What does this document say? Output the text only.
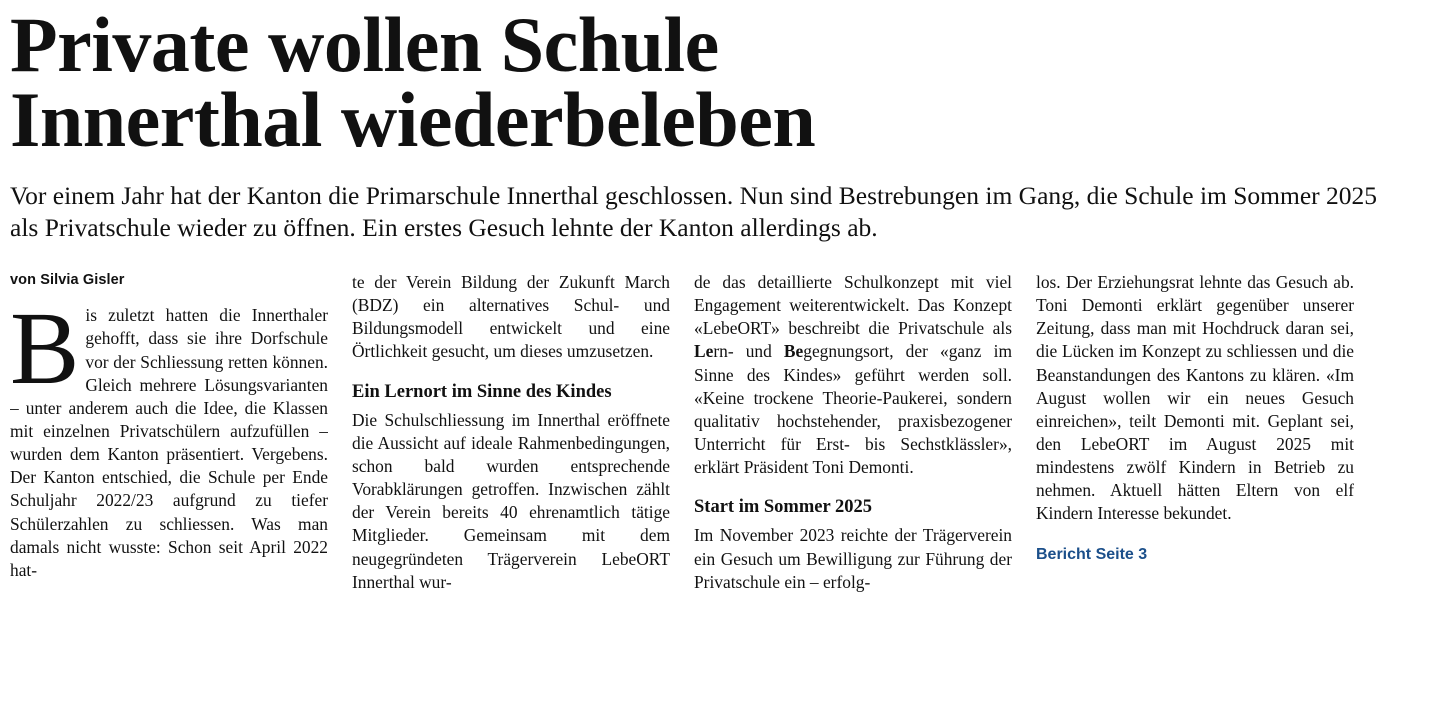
Private wollen Schule
Innerthal wiederbeleben
Vor einem Jahr hat der Kanton die Primarschule Innerthal geschlossen. Nun sind Bestrebungen im Gang, die Schule im Sommer 2025 als Privatschule wieder zu öffnen. Ein erstes Gesuch lehnte der Kanton allerdings ab.
von Silvia Gisler

Bis zuletzt hatten die Innerthaler gehofft, dass sie ihre Dorfschule vor der Schliessung retten können. Gleich mehrere Lösungsvarianten – unter anderem auch die Idee, die Klassen mit einzelnen Privatschülern aufzufüllen – wurden dem Kanton präsentiert. Vergebens. Der Kanton entschied, die Schule per Ende Schuljahr 2022/23 aufgrund zu tiefer Schülerzahlen zu schliessen. Was man damals nicht wusste: Schon seit April 2022 hat-

te der Verein Bildung der Zukunft March (BDZ) ein alternatives Schul- und Bildungsmodell entwickelt und eine Örtlichkeit gesucht, um dieses umzusetzen.

Ein Lernort im Sinne des Kindes

Die Schulschliessung im Innerthal eröffnete die Aussicht auf ideale Rahmenbedingungen, schon bald wurden entsprechende Vorabklärungen getroffen. Inzwischen zählt der Verein bereits 40 ehrenamtlich tätige Mitglieder. Gemeinsam mit dem neugegründeten Trägerverein LebeORT Innerthal wur-

de das detaillierte Schulkonzept mit viel Engagement weiterentwickelt. Das Konzept «LebeORT» beschreibt die Privatschule als Lern- und Begegnungsort, der «ganz im Sinne des Kindes» geführt werden soll. «Keine trockene Theorie-Paukerei, sondern qualitativ hochstehender, praxisbezogener Unterricht für Erst- bis Sechstklässler», erklärt Präsident Toni Demonti.

Start im Sommer 2025

Im November 2023 reichte der Trägerverein ein Gesuch um Bewilligung zur Führung der Privatschule ein – erfolg-

los. Der Erziehungsrat lehnte das Gesuch ab. Toni Demonti erklärt gegenüber unserer Zeitung, dass man mit Hochdruck daran sei, die Lücken im Konzept zu schliessen und die Beanstandungen des Kantons zu klären. «Im August wollen wir ein neues Gesuch einreichen», teilt Demonti mit. Geplant sei, den LebeORT im August 2025 mit mindestens zwölf Kindern in Betrieb zu nehmen. Aktuell hätten Eltern von elf Kindern Interesse bekundet.

Bericht Seite 3
